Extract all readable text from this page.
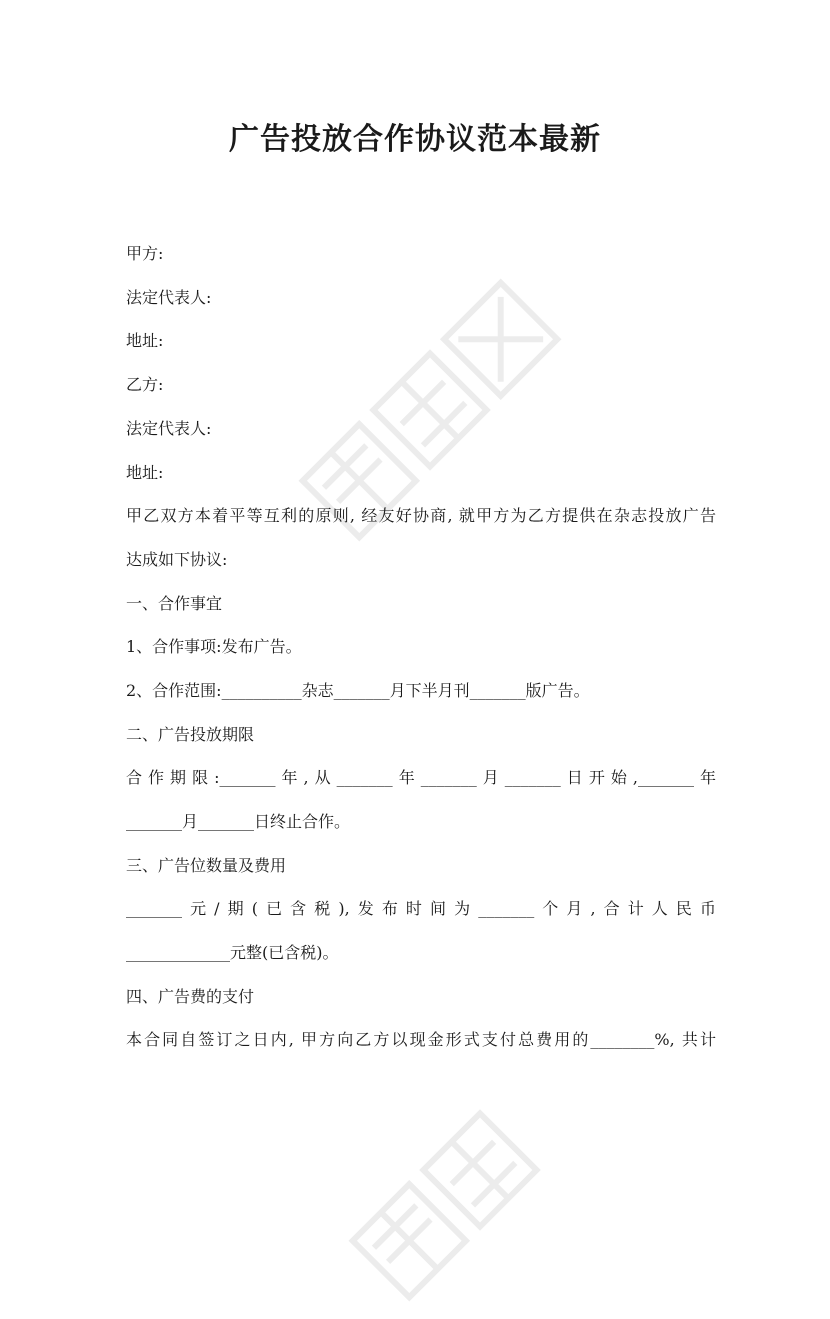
广告投放合作协议范本最新

甲方:

法定代表人:

地址:

乙方:

法定代表人:

地址:

甲乙双方本着平等互利的原则, 经友好协商, 就甲方为乙方提供在杂志投放广告

达成如下协议:

一、合作事宜

1、合作事项:发布广告。

2、合作范围:__________杂志_______月下半月刊_______版广告。

二、广告投放期限

合作期限:_______年,从_______年_______月_______日开始,_______年

_______月_______日终止合作。

三、广告位数量及费用

_______元/期(已含税),发布时间为_______个月,合计人民币

_____________元整(已含税)。

四、广告费的支付

本合同自签订之日内, 甲方向乙方以现金形式支付总费用的________%, 共计
